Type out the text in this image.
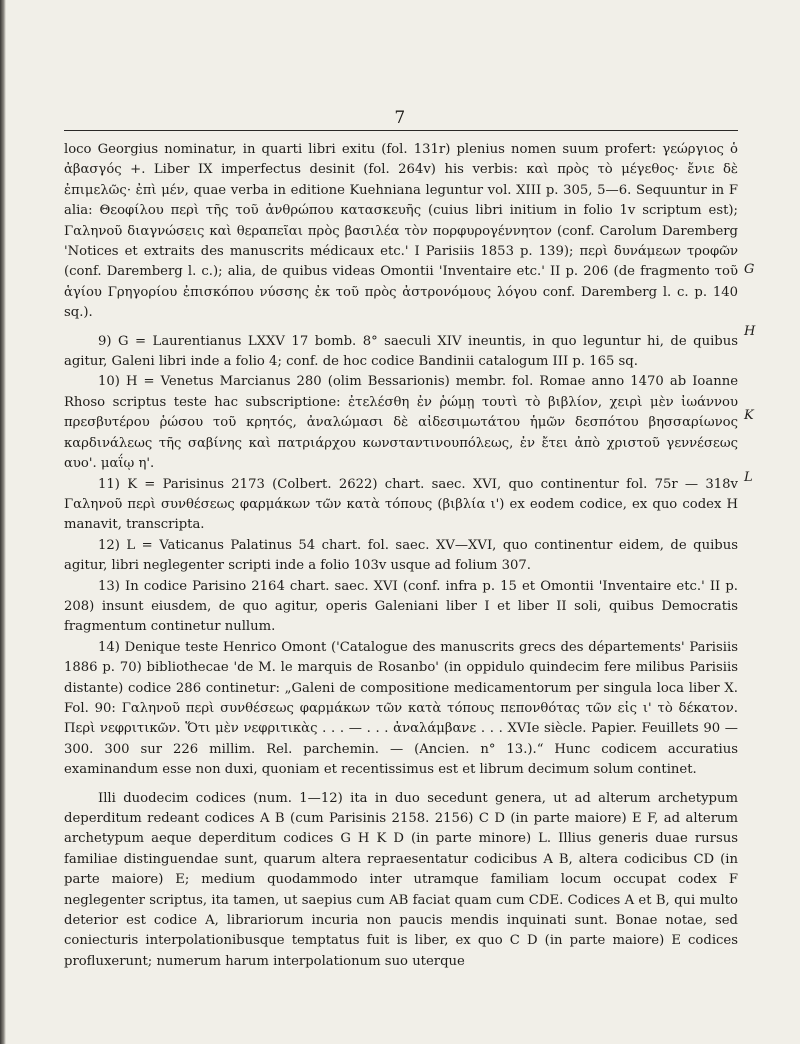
7

loco Georgius nominatur, in quarti libri exitu (fol. 131r) plenius nomen suum profert: γεώργιος ὁ ἀβασγός +. Liber IX imperfectus desinit (fol. 264v) his verbis: καὶ πρὸς τὸ μέγεθος· ἔνιε δὲ ἐπιμελῶς· ἐπὶ μέν, quae verba in editione Kuehniana leguntur vol. XIII p. 305, 5—6. Sequuntur in F alia: Θεοφίλου περὶ τῆς τοῦ ἀνθρώπου κατασκευῆς (cuius libri initium in folio 1v scriptum est); Γαληνοῦ διαγνώσεις καὶ θεραπεῖαι πρὸς βασιλέα τὸν πορφυρογέννητον (conf. Carolum Daremberg 'Notices et extraits des manuscrits médicaux etc.' I Parisiis 1853 p. 139); περὶ δυνάμεων τροφῶν (conf. Daremberg l. c.); alia, de quibus videas Omontii 'Inventaire etc.' II p. 206 (de fragmento τοῦ ἁγίου Γρηγορίου ἐπισκόπου νύσσης ἐκ τοῦ πρὸς ἀστρονόμους λόγου conf. Daremberg l. c. p. 140 sq.).

9) G = Laurentianus LXXV 17 bomb. 8° saeculi XIV ineuntis, in quo leguntur hi, de quibus agitur, Galeni libri inde a folio 4; conf. de hoc codice Bandinii catalogum III p. 165 sq.

10) H = Venetus Marcianus 280 (olim Bessarionis) membr. fol. Romae anno 1470 ab Ioanne Rhoso scriptus teste hac subscriptione: ἐτελέσθη ἐν ῥώμῃ τουτὶ τὸ βιβλίον, χειρὶ μὲν ἰωάννου πρεσβυτέρου ῥώσου τοῦ κρητός, ἀναλώμασι δὲ αἰδεσιμωτάτου ἡμῶν δεσπότου βησσαρίωνος καρδινάλεως τῆς σαβίνης καὶ πατριάρχου κωνσταντινουπόλεως, ἐν ἔτει ἀπὸ χριστοῦ γεννέσεως αυο'. μαΐῳ η'.

11) K = Parisinus 2173 (Colbert. 2622) chart. saec. XVI, quo continentur fol. 75r — 318v Γαληνοῦ περὶ συνθέσεως φαρμάκων τῶν κατὰ τόπους (βιβλία ι') ex eodem codice, ex quo codex H manavit, transcripta.

12) L = Vaticanus Palatinus 54 chart. fol. saec. XV—XVI, quo continentur eidem, de quibus agitur, libri neglegenter scripti inde a folio 103v usque ad folium 307.

13) In codice Parisino 2164 chart. saec. XVI (conf. infra p. 15 et Omontii 'Inventaire etc.' II p. 208) insunt eiusdem, de quo agitur, operis Galeniani liber I et liber II soli, quibus Democratis fragmentum continetur nullum.

14) Denique teste Henrico Omont ('Catalogue des manuscrits grecs des départements' Parisiis 1886 p. 70) bibliothecae 'de M. le marquis de Rosanbo' (in oppidulo quindecim fere milibus Parisiis distante) codice 286 continetur: „Galeni de compositione medicamentorum per singula loca liber X. Fol. 90: Γαληνοῦ περὶ συνθέσεως φαρμάκων τῶν κατὰ τόπους πεπονθότας τῶν εἰς ι' τὸ δέκατον. Περὶ νεφριτικῶν. Ὅτι μὲν νεφριτικὰς . . . — . . . ἀναλάμβανε . . . XVIe siècle. Papier. Feuillets 90 — 300. 300 sur 226 millim. Rel. parchemin. — (Ancien. n° 13.).“ Hunc codicem accuratius examinandum esse non duxi, quoniam et recentissimus est et librum decimum solum continet.

Illi duodecim codices (num. 1—12) ita in duo secedunt genera, ut ad alterum archetypum deperditum redeant codices A B (cum Parisinis 2158. 2156) C D (in parte maiore) E F, ad alterum archetypum aeque deperditum codices G H K D (in parte minore) L. Illius generis duae rursus familiae distinguendae sunt, quarum altera repraesentatur codicibus A B, altera codicibus CD (in parte maiore) E; medium quodammodo inter utramque familiam locum occupat codex F neglegenter scriptus, ita tamen, ut saepius cum AB faciat quam cum CDE. Codices A et B, qui multo deterior est codice A, librariorum incuria non paucis mendis inquinati sunt. Bonae notae, sed coniecturis interpolationibusque temptatus fuit is liber, ex quo C D (in parte maiore) E codices profluxerunt; numerum harum interpolationum suo uterque

G
H
K
L
